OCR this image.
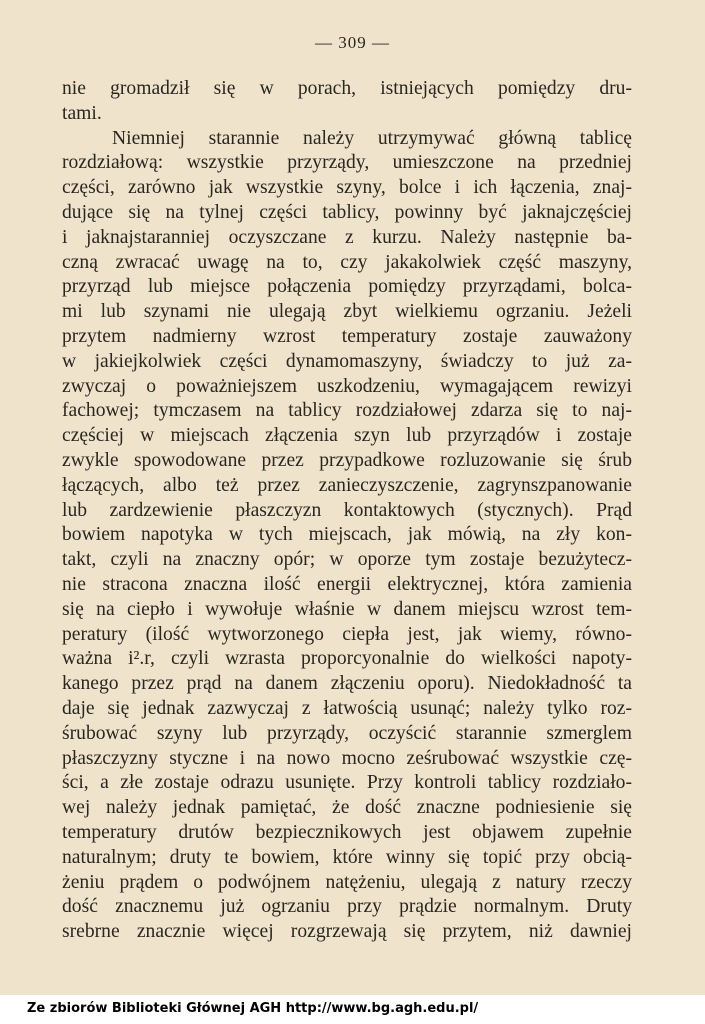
— 309 —
nie gromadził się w porach, istniejących pomiędzy dru-
tami.
Niemniej starannie należy utrzymywać główną tablicę
rozdziałową: wszystkie przyrządy, umieszczone na przedniej
części, zarówno jak wszystkie szyny, bolce i ich łączenia, znaj-
dujące się na tylnej części tablicy, powinny być jaknajczęściej
i jaknajstaranniej oczyszczane z kurzu. Należy następnie ba-
czną zwracać uwagę na to, czy jakakolwiek część maszyny,
przyrząd lub miejsce połączenia pomiędzy przyrządami, bolca-
mi lub szynami nie ulegają zbyt wielkiemu ogrzaniu. Jeżeli
przytem nadmierny wzrost temperatury zostaje zauważony
w jakiejkolwiek części dynamomaszyny, świadczy to już za-
zwyczaj o poważniejszem uszkodzeniu, wymagającem rewizyi
fachowej; tymczasem na tablicy rozdziałowej zdarza się to naj-
częściej w miejscach złączenia szyn lub przyrządów i zostaje
zwykle spowodowane przez przypadkowe rozluzowanie się śrub
łączących, albo też przez zanieczyszczenie, zagrynszpanowanie
lub zardzewienie płaszczyzn kontaktowych (stycznych). Prąd
bowiem napotyka w tych miejscach, jak mówią, na zły kon-
takt, czyli na znaczny opór; w oporze tym zostaje bezużytecz-
nie stracona znaczna ilość energii elektrycznej, która zamienia
się na ciepło i wywołuje właśnie w danem miejscu wzrost tem-
peratury (ilość wytworzonego ciepła jest, jak wiemy, równo-
ważna i².r, czyli wzrasta proporcyonalnie do wielkości napoty-
kanego przez prąd na danem złączeniu oporu). Niedokładność ta
daje się jednak zazwyczaj z łatwością usunąć; należy tylko roz-
śrubować szyny lub przyrządy, oczyścić starannie szmerglem
płaszczyzny styczne i na nowo mocno ześrubować wszystkie czę-
ści, a złe zostaje odrazu usunięte. Przy kontroli tablicy rozdziało-
wej należy jednak pamiętać, że dość znaczne podniesienie się
temperatury drutów bezpiecznikowych jest objawem zupełnie
naturalnym; druty te bowiem, które winny się topić przy obcią-
żeniu prądem o podwójnem natężeniu, ulegają z natury rzeczy
dość znacznemu już ogrzaniu przy prądzie normalnym. Druty
srebrne znacznie więcej rozgrzewają się przytem, niż dawniej
Ze zbiorów Biblioteki Głównej AGH http://www.bg.agh.edu.pl/
